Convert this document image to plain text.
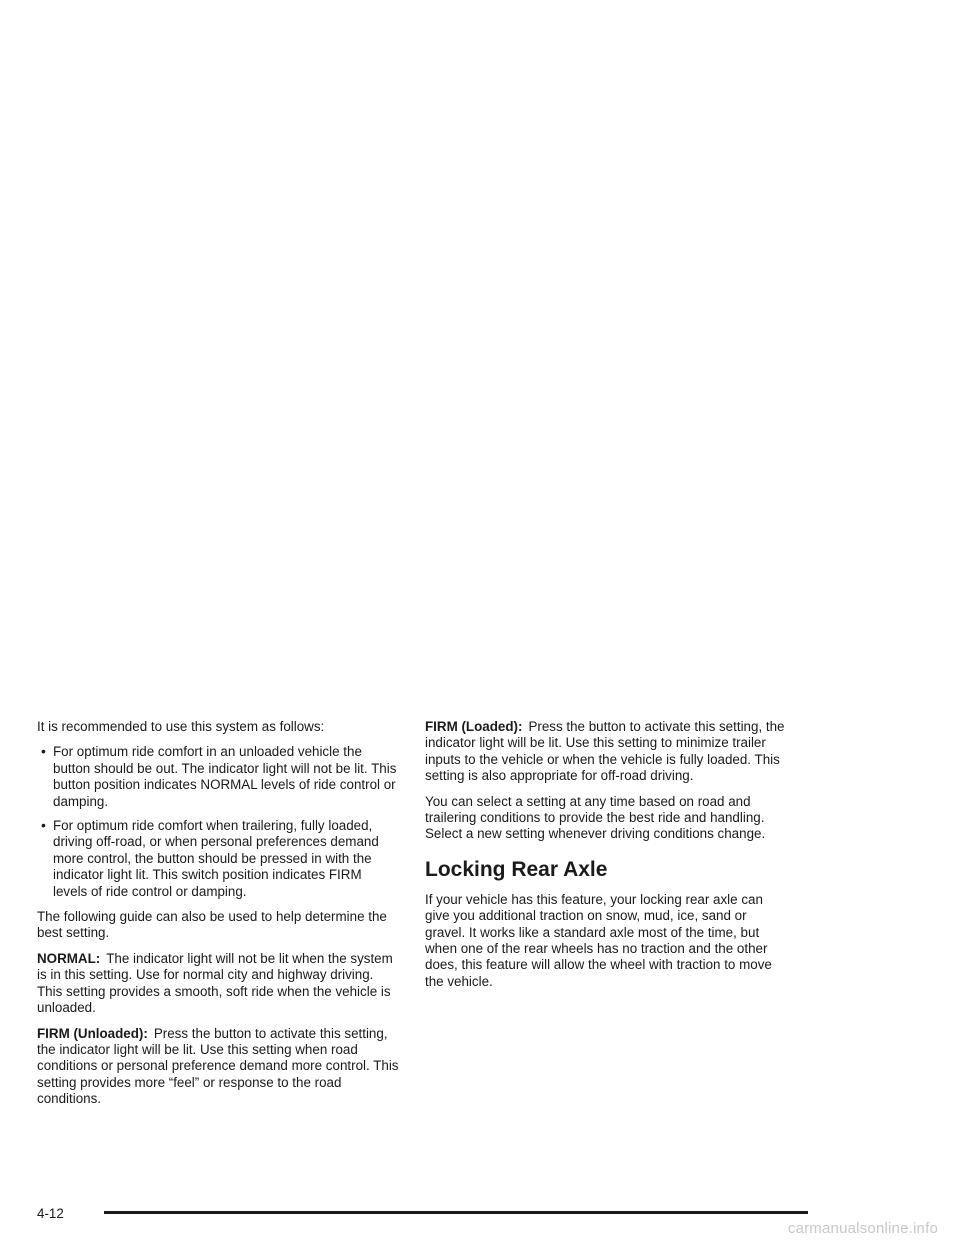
It is recommended to use this system as follows:

• For optimum ride comfort in an unloaded vehicle the button should be out. The indicator light will not be lit. This button position indicates NORMAL levels of ride control or damping.
• For optimum ride comfort when trailering, fully loaded, driving off-road, or when personal preferences demand more control, the button should be pressed in with the indicator light lit. This switch position indicates FIRM levels of ride control or damping.

The following guide can also be used to help determine the best setting.

NORMAL: The indicator light will not be lit when the system is in this setting. Use for normal city and highway driving. This setting provides a smooth, soft ride when the vehicle is unloaded.

FIRM (Unloaded): Press the button to activate this setting, the indicator light will be lit. Use this setting when road conditions or personal preference demand more control. This setting provides more “feel” or response to the road conditions.

FIRM (Loaded): Press the button to activate this setting, the indicator light will be lit. Use this setting to minimize trailer inputs to the vehicle or when the vehicle is fully loaded. This setting is also appropriate for off-road driving.

You can select a setting at any time based on road and trailering conditions to provide the best ride and handling. Select a new setting whenever driving conditions change.

Locking Rear Axle

If your vehicle has this feature, your locking rear axle can give you additional traction on snow, mud, ice, sand or gravel. It works like a standard axle most of the time, but when one of the rear wheels has no traction and the other does, this feature will allow the wheel with traction to move the vehicle.

4-12
carmanualsonline.info
